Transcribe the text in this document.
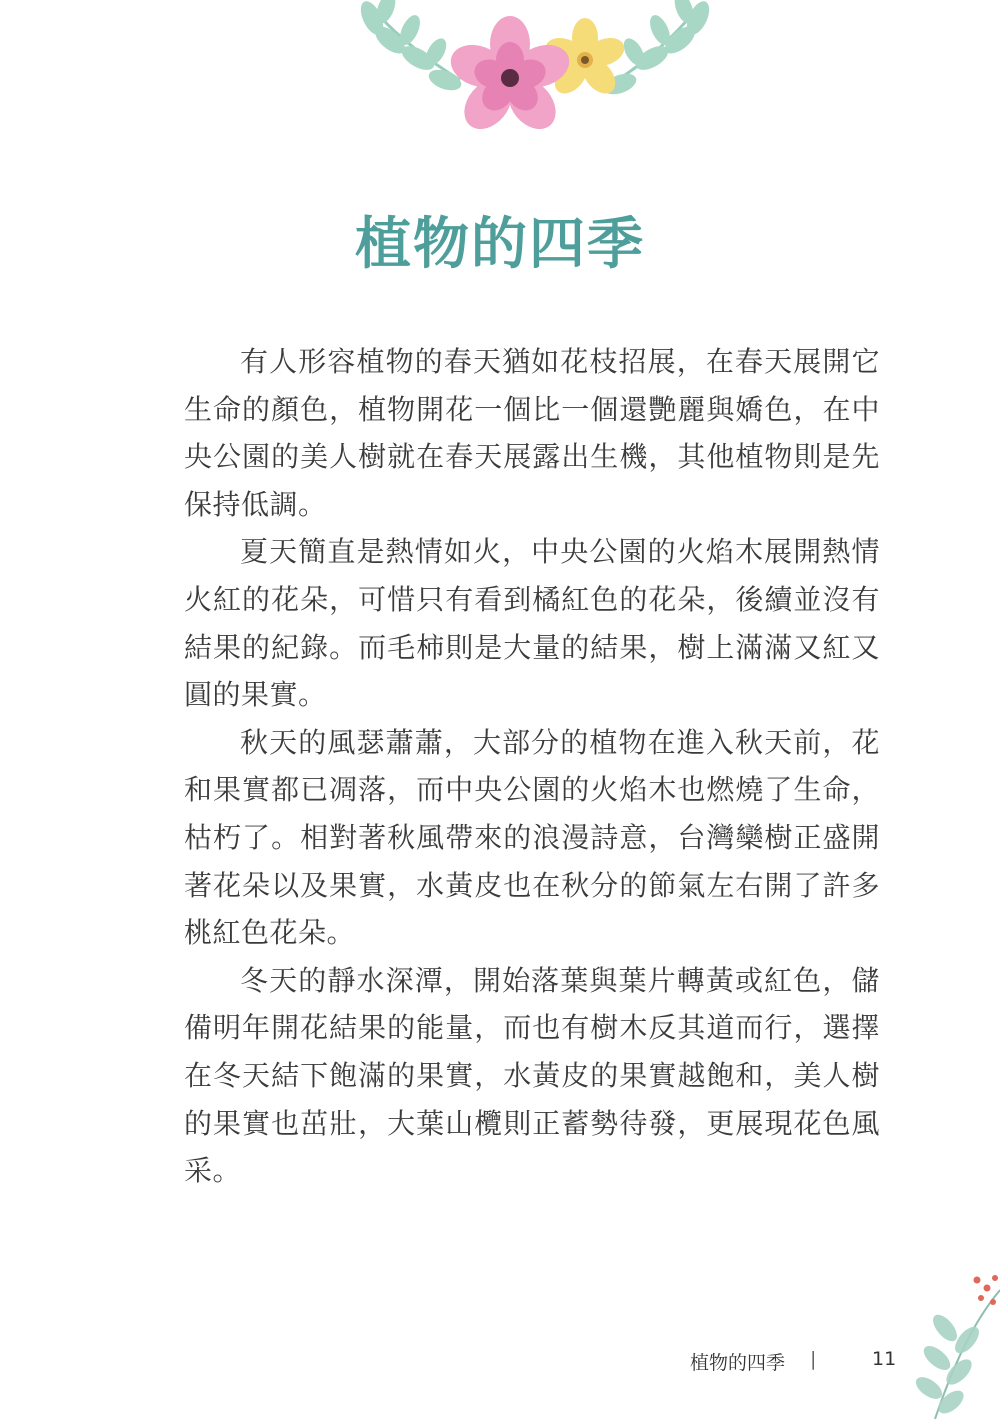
植物的四季

有人形容植物的春天猶如花枝招展，在春天展開它生命的顏色，植物開花一個比一個還艷麗與嬌色，在中央公園的美人樹就在春天展露出生機，其他植物則是先保持低調。

夏天簡直是熱情如火，中央公園的火焰木展開熱情火紅的花朵，可惜只有看到橘紅色的花朵，後續並沒有結果的紀錄。而毛柿則是大量的結果，樹上滿滿又紅又圓的果實。

秋天的風瑟蕭蕭，大部分的植物在進入秋天前，花和果實都已凋落，而中央公園的火焰木也燃燒了生命，枯朽了。相對著秋風帶來的浪漫詩意，台灣欒樹正盛開著花朵以及果實，水黃皮也在秋分的節氣左右開了許多桃紅色花朵。

冬天的靜水深潭，開始落葉與葉片轉黃或紅色，儲備明年開花結果的能量，而也有樹木反其道而行，選擇在冬天結下飽滿的果實，水黃皮的果實越飽和，美人樹的果實也茁壯，大葉山欖則正蓄勢待發，更展現花色風采。

植物的四季 |	11
